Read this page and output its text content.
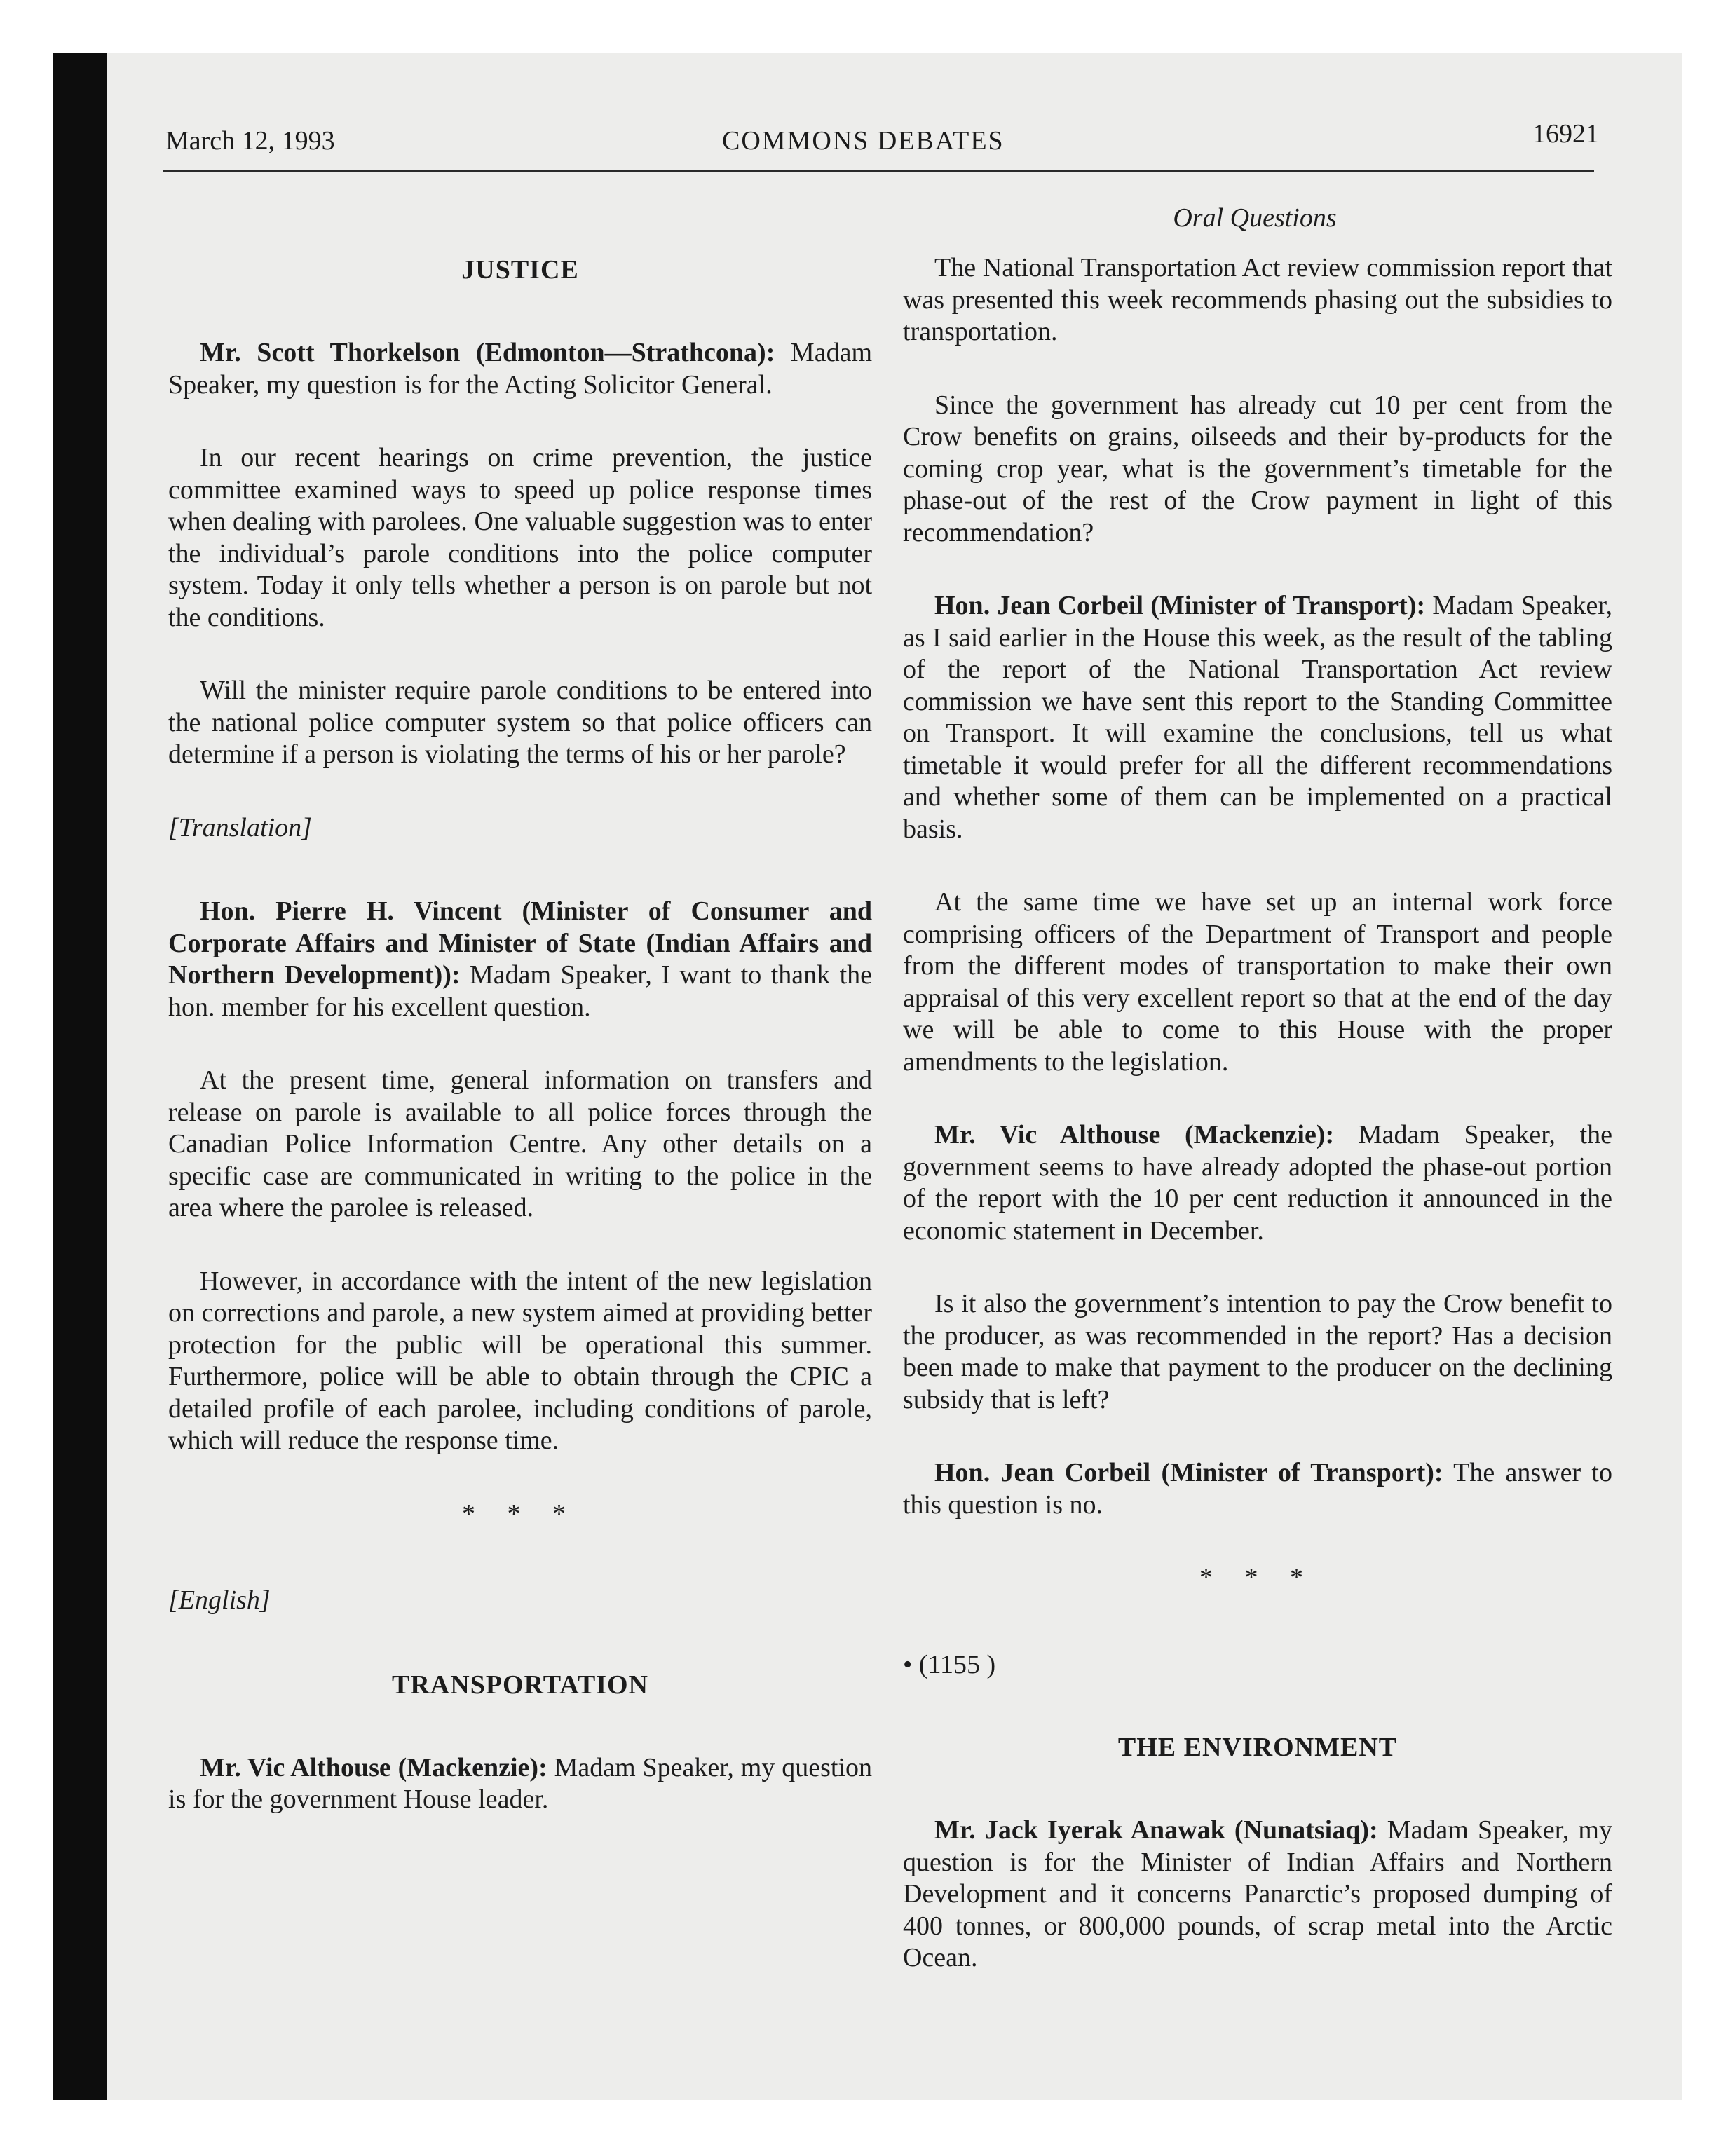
March 12, 1993	COMMONS DEBATES	16921
Oral Questions
JUSTICE

Mr. Scott Thorkelson (Edmonton—Strathcona): Madam Speaker, my question is for the Acting Solicitor General.

In our recent hearings on crime prevention, the justice committee examined ways to speed up police response times when dealing with parolees. One valuable suggestion was to enter the individual’s parole conditions into the police computer system. Today it only tells whether a person is on parole but not the conditions.

Will the minister require parole conditions to be entered into the national police computer system so that police officers can determine if a person is violating the terms of his or her parole?

[Translation]

Hon. Pierre H. Vincent (Minister of Consumer and Corporate Affairs and Minister of State (Indian Affairs and Northern Development)): Madam Speaker, I want to thank the hon. member for his excellent question.

At the present time, general information on transfers and release on parole is available to all police forces through the Canadian Police Information Centre. Any other details on a specific case are communicated in writing to the police in the area where the parolee is released.

However, in accordance with the intent of the new legislation on corrections and parole, a new system aimed at providing better protection for the public will be operational this summer. Furthermore, police will be able to obtain through the CPIC a detailed profile of each parolee, including conditions of parole, which will reduce the response time.

* * *

[English]

TRANSPORTATION

Mr. Vic Althouse (Mackenzie): Madam Speaker, my question is for the government House leader.

The National Transportation Act review commission report that was presented this week recommends phasing out the subsidies to transportation.

Since the government has already cut 10 per cent from the Crow benefits on grains, oilseeds and their by-products for the coming crop year, what is the government’s timetable for the phase-out of the rest of the Crow payment in light of this recommendation?

Hon. Jean Corbeil (Minister of Transport): Madam Speaker, as I said earlier in the House this week, as the result of the tabling of the report of the National Transportation Act review commission we have sent this report to the Standing Committee on Transport. It will examine the conclusions, tell us what timetable it would prefer for all the different recommendations and whether some of them can be implemented on a practical basis.

At the same time we have set up an internal work force comprising officers of the Department of Transport and people from the different modes of transportation to make their own appraisal of this very excellent report so that at the end of the day we will be able to come to this House with the proper amendments to the legislation.

Mr. Vic Althouse (Mackenzie): Madam Speaker, the government seems to have already adopted the phase-out portion of the report with the 10 per cent reduction it announced in the economic statement in December.

Is it also the government’s intention to pay the Crow benefit to the producer, as was recommended in the report? Has a decision been made to make that payment to the producer on the declining subsidy that is left?

Hon. Jean Corbeil (Minister of Transport): The answer to this question is no.

* * *

• (1155 )

THE ENVIRONMENT

Mr. Jack Iyerak Anawak (Nunatsiaq): Madam Speaker, my question is for the Minister of Indian Affairs and Northern Development and it concerns Panarctic’s proposed dumping of 400 tonnes, or 800,000 pounds, of scrap metal into the Arctic Ocean.
